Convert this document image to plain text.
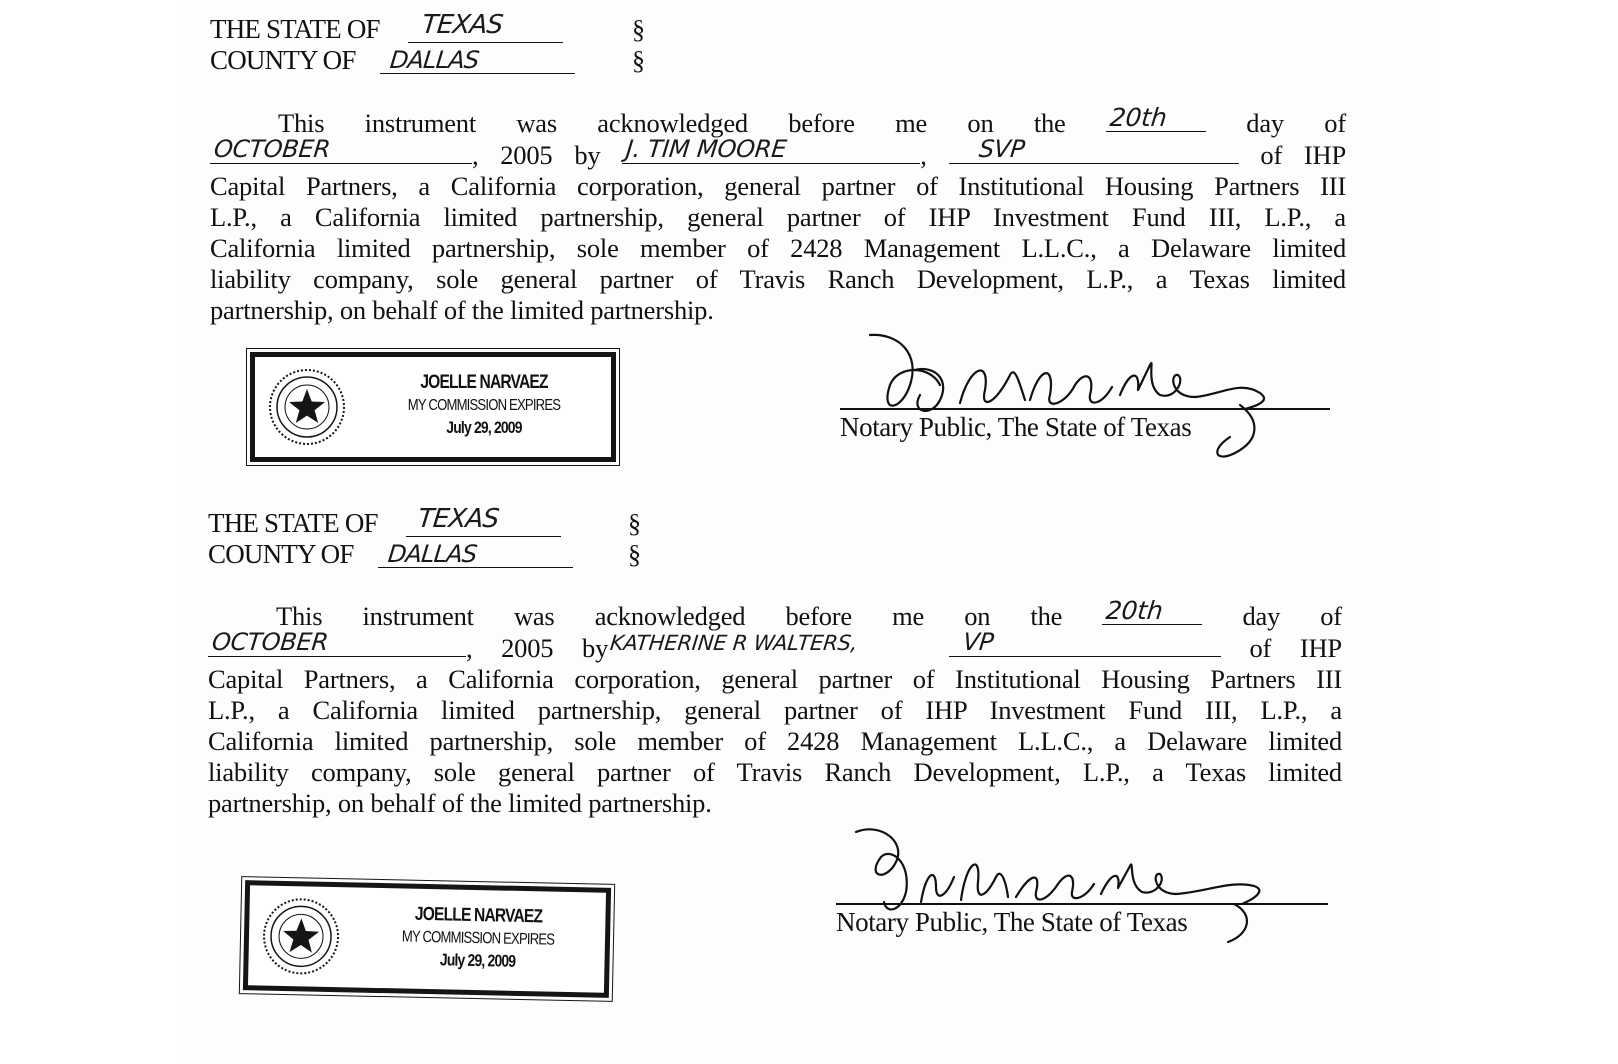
THE STATE OF TEXAS
COUNTY OF DALLAS
§
§
This instrument was acknowledged before me on the 20th	day of
OCTOBER	, 2005 by J. TIM MOORE	, SVP	of IHP
Capital Partners, a California corporation, general partner of Institutional Housing Partners III
L.P., a California limited partnership, general partner of IHP Investment Fund III, L.P., a
California limited partnership, sole member of 2428 Management L.L.C., a Delaware limited
liability company, sole general partner of Travis Ranch Development, L.P., a Texas limited
partnership, on behalf of the limited partnership.
JOELLE NARVAEZ
MY COMMISSION EXPIRES
July 29, 2009	Notary Public, The State of Texas
THE STATE OF TEXAS
COUNTY OF DALLAS
§
§
This instrument was acknowledged before me on the 20th	day of
OCTOBER	, 2005 by KATHERINE R WALTERS,
	VP	of IHP
Capital Partners, a California corporation, general partner of Institutional Housing Partners III
L.P., a California limited partnership, general partner of IHP Investment Fund III, L.P., a
California limited partnership, sole member of 2428 Management L.L.C., a Delaware limited
liability company, sole general partner of Travis Ranch Development, L.P., a Texas limited
partnership, on behalf of the limited partnership.
JOELLE NARVAEZ
MY COMMISSION EXPIRES
July 29, 2009
Notary Public, The State of Texas
